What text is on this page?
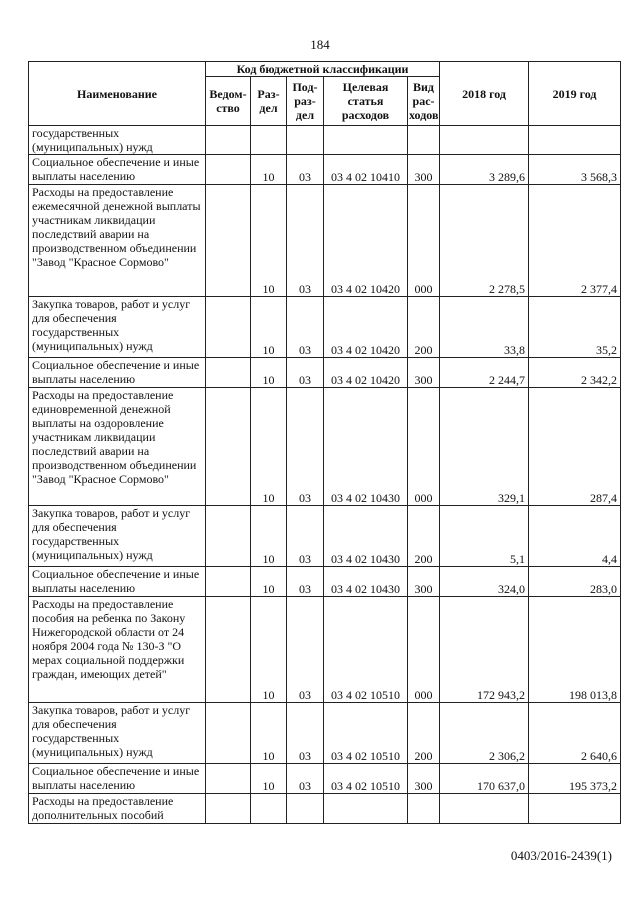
184
Наименование	Код бюджетной классификации					2018 год	2019 год
	Ведом-ство	Раз-дел	Под-раз-дел	Целевая статья расходов	Вид рас-ходов		
государственных (муниципальных) нужд							
Социальное обеспечение и иные выплаты населению		10	03	03 4 02 10410	300	3 289,6	3 568,3
Расходы на предоставление ежемесячной денежной выплаты участникам ликвидации последствий аварии на производственном объединении "Завод "Красное Сормово"		10	03	03 4 02 10420	000	2 278,5	2 377,4
Закупка товаров, работ и услуг для обеспечения государственных (муниципальных) нужд		10	03	03 4 02 10420	200	33,8	35,2
Социальное обеспечение и иные выплаты населению		10	03	03 4 02 10420	300	2 244,7	2 342,2
Расходы на предоставление единовременной денежной выплаты на оздоровление участникам ликвидации последствий аварии на производственном объединении "Завод "Красное Сормово"		10	03	03 4 02 10430	000	329,1	287,4
Закупка товаров, работ и услуг для обеспечения государственных (муниципальных) нужд		10	03	03 4 02 10430	200	5,1	4,4
Социальное обеспечение и иные выплаты населению		10	03	03 4 02 10430	300	324,0	283,0
Расходы на предоставление пособия на ребенка по Закону Нижегородской области от 24 ноября 2004 года № 130-З "О мерах социальной поддержки граждан, имеющих детей"		10	03	03 4 02 10510	000	172 943,2	198 013,8
Закупка товаров, работ и услуг для обеспечения государственных (муниципальных) нужд		10	03	03 4 02 10510	200	2 306,2	2 640,6
Социальное обеспечение и иные выплаты населению		10	03	03 4 02 10510	300	170 637,0	195 373,2
Расходы на предоставление дополнительных пособий							
0403/2016-2439(1)
